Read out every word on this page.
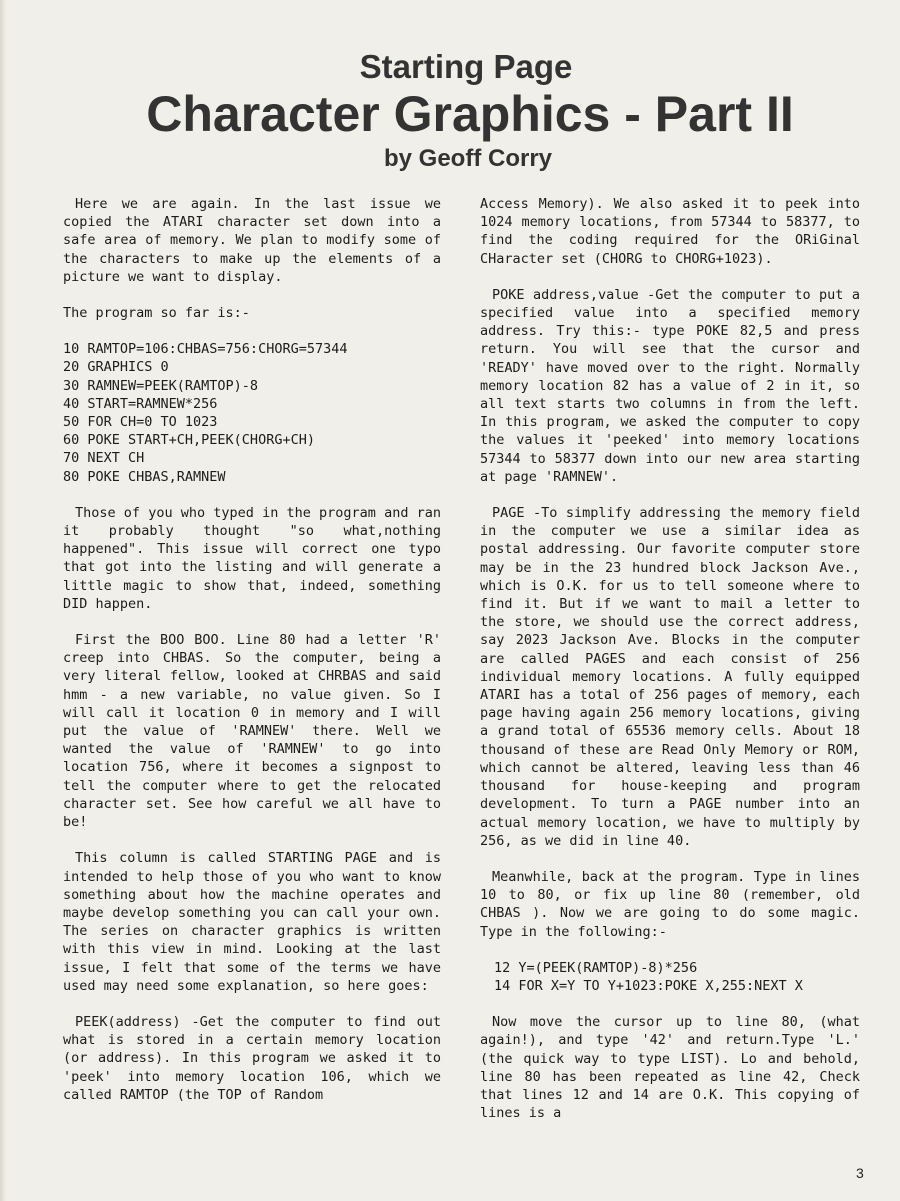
Starting Page
Character Graphics - Part II
by Geoff Corry

Here we are again. In the last issue we copied the ATARI character set down into a safe area of memory. We plan to modify some of the characters to make up the elements of a picture we want to display.

The program so far is:-

10 RAMTOP=106:CHBAS=756:CHORG=57344
20 GRAPHICS 0
30 RAMNEW=PEEK(RAMTOP)-8
40 START=RAMNEW*256
50 FOR CH=0 TO 1023
60 POKE START+CH,PEEK(CHORG+CH)
70 NEXT CH
80 POKE CHBAS,RAMNEW

Those of you who typed in the program and ran it probably thought "so what,nothing happened". This issue will correct one typo that got into the listing and will generate a little magic to show that, indeed, something DID happen.

First the BOO BOO. Line 80 had a letter 'R' creep into CHBAS. So the computer, being a very literal fellow, looked at CHRBAS and said hmm - a new variable, no value given. So I will call it location 0 in memory and I will put the value of 'RAMNEW' there. Well we wanted the value of 'RAMNEW' to go into location 756, where it becomes a signpost to tell the computer where to get the relocated character set. See how careful we all have to be!

This column is called STARTING PAGE and is intended to help those of you who want to know something about how the machine operates and maybe develop something you can call your own. The series on character graphics is written with this view in mind. Looking at the last issue, I felt that some of the terms we have used may need some explanation, so here goes:

PEEK(address) -Get the computer to find out what is stored in a certain memory location (or address). In this program we asked it to 'peek' into memory location 106, which we called RAMTOP (the TOP of Random

Access Memory). We also asked it to peek into 1024 memory locations, from 57344 to 58377, to find the coding required for the ORiGinal CHaracter set (CHORG to CHORG+1023).

POKE address,value -Get the computer to put a specified value into a specified memory address. Try this:- type POKE 82,5 and press return. You will see that the cursor and 'READY' have moved over to the right. Normally memory location 82 has a value of 2 in it, so all text starts two columns in from the left. In this program, we asked the computer to copy the values it 'peeked' into memory locations 57344 to 58377 down into our new area starting at page 'RAMNEW'.

PAGE -To simplify addressing the memory field in the computer we use a similar idea as postal addressing. Our favorite computer store may be in the 23 hundred block Jackson Ave., which is O.K. for us to tell someone where to find it. But if we want to mail a letter to the store, we should use the correct address, say 2023 Jackson Ave. Blocks in the computer are called PAGES and each consist of 256 individual memory locations. A fully equipped ATARI has a total of 256 pages of memory, each page having again 256 memory locations, giving a grand total of 65536 memory cells. About 18 thousand of these are Read Only Memory or ROM, which cannot be altered, leaving less than 46 thousand for house-keeping and program development. To turn a PAGE number into an actual memory location, we have to multiply by 256, as we did in line 40.

Meanwhile, back at the program. Type in lines 10 to 80, or fix up line 80 (remember, old CHBAS ). Now we are going to do some magic. Type in the following:-

12 Y=(PEEK(RAMTOP)-8)*256
14 FOR X=Y TO Y+1023:POKE X,255:NEXT X

Now move the cursor up to line 80, (what again!), and type '42' and return.Type 'L.' (the quick way to type LIST). Lo and behold, line 80 has been repeated as line 42, Check that lines 12 and 14 are O.K. This copying of lines is a

3
